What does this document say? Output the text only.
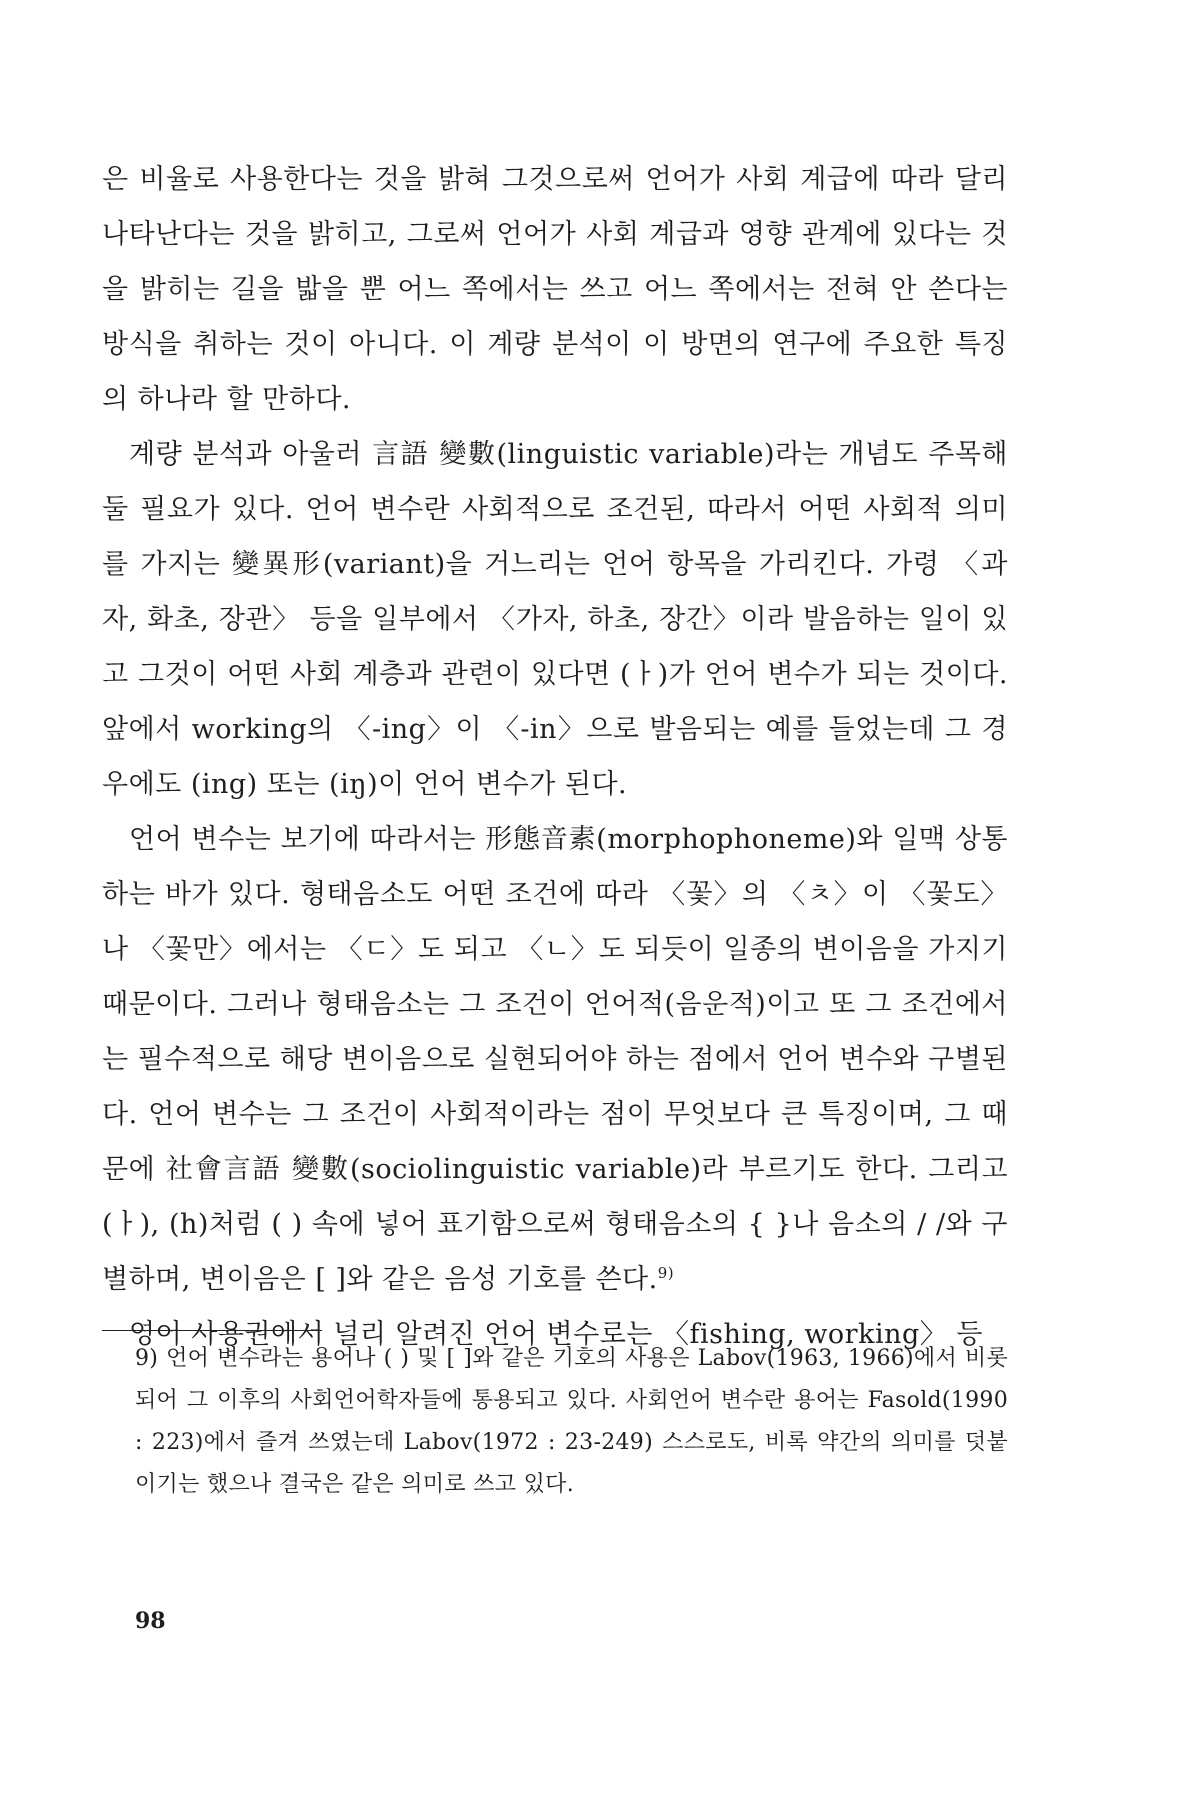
은 비율로 사용한다는 것을 밝혀 그것으로써 언어가 사회 계급에 따라 달리 나타난다는 것을 밝히고, 그로써 언어가 사회 계급과 영향 관계에 있다는 것을 밝히는 길을 밟을 뿐 어느 쪽에서는 쓰고 어느 쪽에서는 전혀 안 쓴다는 방식을 취하는 것이 아니다. 이 계량 분석이 이 방면의 연구에 주요한 특징의 하나라 할 만하다.

계량 분석과 아울러 言語 變數(linguistic variable)라는 개념도 주목해 둘 필요가 있다. 언어 변수란 사회적으로 조건된, 따라서 어떤 사회적 의미를 가지는 變異形(variant)을 거느리는 언어 항목을 가리킨다. 가령 〈과자, 화초, 장관〉 등을 일부에서 〈가자, 하초, 장간〉이라 발음하는 일이 있고 그것이 어떤 사회 계층과 관련이 있다면 (ㅏ)가 언어 변수가 되는 것이다. 앞에서 working의 〈-ing〉이 〈-in〉으로 발음되는 예를 들었는데 그 경우에도 (ing) 또는 (iŋ)이 언어 변수가 된다.

언어 변수는 보기에 따라서는 形態音素(morphophoneme)와 일맥 상통하는 바가 있다. 형태음소도 어떤 조건에 따라 〈꽃〉의 〈ㅊ〉이 〈꽃도〉나 〈꽃만〉에서는 〈ㄷ〉도 되고 〈ㄴ〉도 되듯이 일종의 변이음을 가지기 때문이다. 그러나 형태음소는 그 조건이 언어적(음운적)이고 또 그 조건에서는 필수적으로 해당 변이음으로 실현되어야 하는 점에서 언어 변수와 구별된다. 언어 변수는 그 조건이 사회적이라는 점이 무엇보다 큰 특징이며, 그 때문에 社會言語 變數(sociolinguistic variable)라 부르기도 한다. 그리고 (ㅏ), (h)처럼 ( ) 속에 넣어 표기함으로써 형태음소의 { }나 음소의 / /와 구별하며, 변이음은 [ ]와 같은 음성 기호를 쓴다.$^{9)}$

영어 사용권에서 널리 알려진 언어 변수로는 〈fishing, working〉 등

9) 언어 변수라는 용어나 ( ) 및 [ ]와 같은 기호의 사용은 Labov(1963, 1966)에서 비롯되어 그 이후의 사회언어학자들에 통용되고 있다. 사회언어 변수란 용어는 Fasold(1990 : 223)에서 즐겨 쓰였는데 Labov(1972 : 23-249) 스스로도, 비록 약간의 의미를 덧붙이기는 했으나 결국은 같은 의미로 쓰고 있다.

98
